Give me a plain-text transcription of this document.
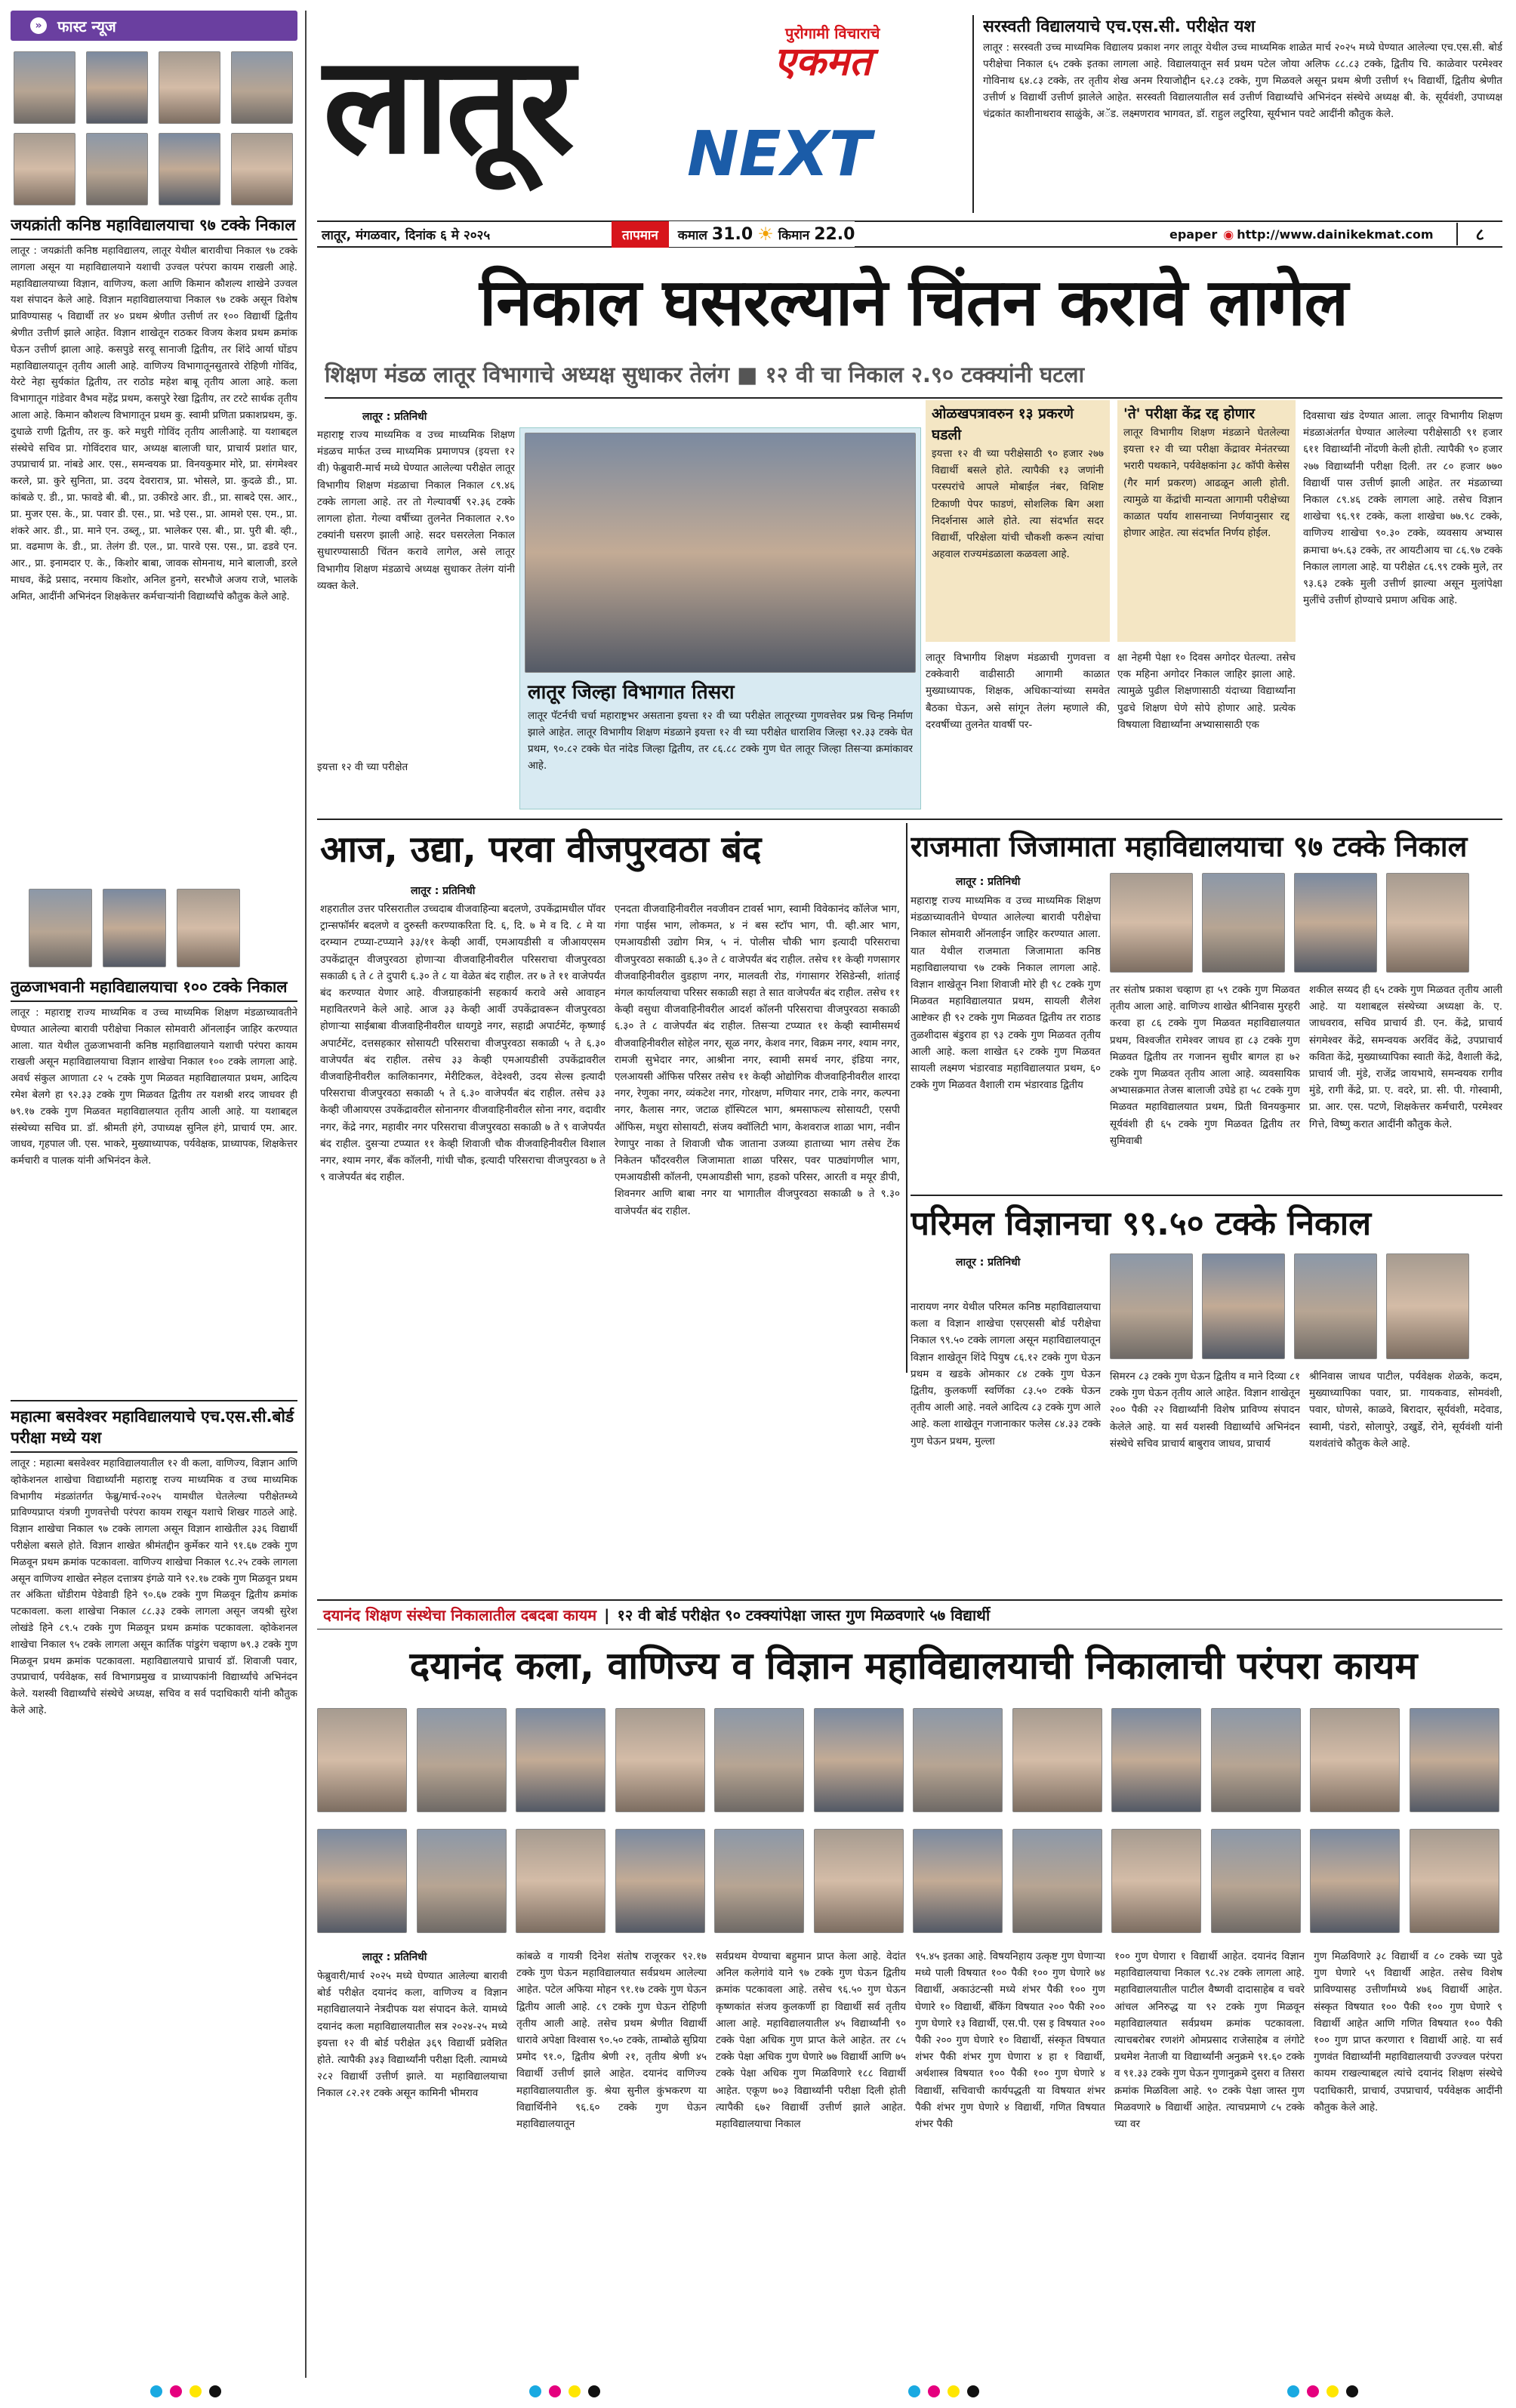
»	फास्ट न्यूज
जयक्रांती कनिष्ठ महाविद्यालयाचा ९७ टक्के निकाल
लातूर : जयक्रांती कनिष्ठ महाविद्यालय, लातूर येथील बारावीचा निकाल ९७ टक्के लागला असून या महाविद्यालयाने यशाची उज्वल परंपरा कायम राखली आहे. महाविद्यालयाच्या विज्ञान, वाणिज्य, कला आणि किमान कौशल्य शाखेने उज्वल यश संपादन केले आहे. विज्ञान महाविद्यालयाचा निकाल ९७ टक्के असून विशेष प्राविण्यासह ५ विद्यार्थी तर ४० प्रथम श्रेणीत उत्तीर्ण तर १०० विद्यार्थी द्वितीय श्रेणीत उत्तीर्ण झाले आहेत. विज्ञान शाखेतून राठकर विजय केशव प्रथम क्रमांक घेऊन उत्तीर्ण झाला आहे. कसपुडे सरवू सानाजी द्वितीय, तर शिंदे आर्या घोंडप महाविद्यालयातून तृतीय आली आहे. वाणिज्य विभागातूनसुतारवे रोहिणी गोविंद, येरटे नेहा सुर्यकांत द्वितीय, तर राठोड महेश बाबू तृतीय आला आहे. कला विभागातून गांडेवार वैभव महेंद्र प्रथम, कसपुरे रेखा द्वितीय, तर टरटे सार्थक तृतीय आला आहे. किमान कौशल्य विभागातून प्रथम कु. स्वामी प्रणिता प्रकाशप्रथम, कु. दुधाळे राणी द्वितीय, तर कु. करे मधुरी गोविंद तृतीय आलीआहे. या यशाबद्दल संस्थेचे सचिव प्रा. गोविंदराव घार, अध्यक्ष बालाजी घार, प्राचार्य प्रशांत घार, उपप्राचार्य प्रा. नांबडे आर. एस., समन्वयक प्रा. विनयकुमार मोरे, प्रा. संगमेश्वर करले, प्रा. कुरे सुनिता, प्रा. उदय देवरारात्र, प्रा. भोसले, प्रा. कुदळे डी., प्रा. कांबळे ए. डी., प्रा. फावडे बी. बी., प्रा. उकीरडे आर. डी., प्रा. साबदे एस. आर., प्रा. मुजर एस. के., प्रा. पवार डी. एस., प्रा. भडे एस., प्रा. आमशे एस. एम., प्रा. शंकरे आर. डी., प्रा. माने एन. उब्लू., प्रा. भालेकर एस. बी., प्रा. पुरी बी. व्ही., प्रा. वढमाण के. डी., प्रा. तेलंग डी. एल., प्रा. पारवे एस. एस., प्रा. ढडवे एन. आर., प्रा. इनामदार ए. के., किशोर बाबा, जावक सोमनाथ, माने बालाजी, डरले माधव, केंद्रे प्रसाद, नरमाय किशोर, अनिल हुनगे, सरभौजे अजय राजे, भालके अमित, आदींनी अभिनंदन शिक्षकेत्तर कर्मचाऱ्यांनी विद्यार्थ्यांचे कौतुक केले आहे.
तुळजाभवानी महाविद्यालयाचा १०० टक्के निकाल
लातूर : महाराष्ट्र राज्य माध्यमिक व उच्च माध्यमिक शिक्षण मंडळाच्यावतीने घेण्यात आलेल्या बारावी परीक्षेचा निकाल सोमवारी ऑनलाईन जाहिर करण्यात आला. यात येथील तुळजाभवानी कनिष्ठ महाविद्यालयाने यशाची परंपरा कायम राखली असून महाविद्यालयाचा विज्ञान शाखेचा निकाल १०० टक्के लागला आहे. अवर्ध संकुल आणाता ८२ ५ टक्के गुण मिळवत महाविद्यालयात प्रथम, आदित्य रमेश बेलगे हा ९२.३३ टक्के गुण मिळवत द्वितीय तर यशश्री शरद जाधवर ही ७९.१७ टक्के गुण मिळवत महाविद्यालयात तृतीय आली आहे. या यशाबद्दल संस्थेच्या सचिव प्रा. डॉ. श्रीमती हंगे, उपाध्यक्ष सुनिल हंगे, प्राचार्य एम. आर. जाधव, गृहपाल जी. एस. भाकरे, मुख्याध्यापक, पर्यवेक्षक, प्राध्यापक, शिक्षकेत्तर कर्मचारी व पालक यांनी अभिनंदन केले.
महात्मा बसवेश्वर महाविद्यालयाचे एच.एस.सी.बोर्ड परीक्षा मध्ये यश
लातूर : महात्मा बसवेश्वर महाविद्यालयातील १२ वी कला, वाणिज्य, विज्ञान आणि व्होकेशनल शाखेचा विद्यार्थ्यांनी महाराष्ट्र राज्य माध्यमिक व उच्च माध्यमिक विभागीय मंडळांतर्गत फेब्रु/मार्च-२०२५ यामधील घेतलेल्या परीक्षेतम्ध्ये प्राविण्यप्राप्त यंत्रणी गुणवत्तेची परंपरा कायम राखून यशाचे शिखर गाठले आहे. विज्ञान शाखेचा निकाल ९७ टक्के लागला असून विज्ञान शाखेतील ३३६ विद्यार्थी परीक्षेला बसले होते. विज्ञान शाखेत श्रीमंतद्दीन कुर्मेकर याने ९१.६७ टक्के गुण मिळवून प्रथम क्रमांक पटकावला. वाणिज्य शाखेचा निकाल ९८.२५ टक्के लागला असून वाणिज्य शाखेत स्नेहल दत्तात्रय इंगळे याने ९२.१७ टक्के गुण मिळवून प्रथम तर अंकिता धोंडीराम पेडेवाडी हिने ९०.६७ टक्के गुण मिळवून द्वितीय क्रमांक पटकावला. कला शाखेचा निकाल ८८.३३ टक्के लागला असून जयश्री सुरेश लोखंडे हिने ८९.५ टक्के गुण मिळवून प्रथम क्रमांक पटकावला. व्होकेशनल शाखेचा निकाल ९५ टक्के लागला असून कार्तिक पांडुरंग चव्हाण ७९.३ टक्के गुण मिळवून प्रथम क्रमांक पटकावला. महाविद्यालयाचे प्राचार्य डॉ. शिवाजी पवार, उपप्राचार्य, पर्यवेक्षक, सर्व विभागप्रमुख व प्राध्यापकांनी विद्यार्थ्यांचे अभिनंदन केले. यशस्वी विद्यार्थ्यांचे संस्थेचे अध्यक्ष, सचिव व सर्व पदाधिकारी यांनी कौतुक केले आहे.
लातूर NEXT
पुरोगामी विचाराचे
एकमत
लातूर, मंगळवार, दिनांक ६ मे २०२५	तापमान	कमाल 31.0 ☀ किमान 22.0	epaper ◉ http://www.dainikekmat.com	८
सरस्वती विद्यालयाचे एच.एस.सी. परीक्षेत यश
लातूर : सरस्वती उच्च माध्यमिक विद्यालय प्रकाश नगर लातूर येथील उच्च माध्यमिक शाळेत मार्च २०२५ मध्ये घेण्यात आलेल्या एच.एस.सी. बोर्ड परीक्षेचा निकाल ६५ टक्के इतका लागला आहे. विद्यालयातून सर्व प्रथम पटेल जोया अलिफ ८८.८३ टक्के, द्वितीय चि. काळेवार परमेश्वर गोविनाथ ६४.८३ टक्के, तर तृतीय शेख अनम रियाजोद्दीन ६२.८३ टक्के, गुण मिळवले असून प्रथम श्रेणी उत्तीर्ण १५ विद्यार्थी, द्वितीय श्रेणीत उत्तीर्ण ४ विद्यार्थी उत्तीर्ण झालेले आहेत. सरस्वती विद्यालयातील सर्व उत्तीर्ण विद्यार्थ्यांचे अभिनंदन संस्थेचे अध्यक्ष बी. के. सूर्यवंशी, उपाध्यक्ष चंद्रकांत काशीनाथराव साळुंके, अॅड. लक्ष्मणराव भागवत, डॉ. राहुल लटुरिया, सूर्यभान पवटे आदींनी कौतुक केले.
निकाल घसरल्याने चिंतन करावे लागेल
शिक्षण मंडळ लातूर विभागाचे अध्यक्ष सुधाकर तेलंग ■ १२ वी चा निकाल २.९० टक्क्यांनी घटला
लातूर : प्रतिनिधी
महाराष्ट्र राज्य माध्यमिक व उच्च माध्यमिक शिक्षण मंडळच मार्फत उच्च माध्यमिक प्रमाणपत्र (इयत्ता १२ वी) फेब्रुवारी-मार्च मध्ये घेण्यात आलेल्या परीक्षेत लातूर विभागीय शिक्षण मंडळाचा निकाल निकाल ८९.४६ टक्के लागला आहे. तर तो गेल्यावर्षी ९२.३६ टक्के लागला होता. गेल्या वर्षीच्या तुलनेत निकालात २.९० टक्यांनी घसरण झाली आहे. सदर घसरलेला निकाल सुधारण्यासाठी चिंतन करावे लागेल, असे लातूर विभागीय शिक्षण मंडळाचे अध्यक्ष सुधाकर तेलंग यांनी व्यक्त केले.
इयत्ता १२ वी च्या परीक्षेत
लातूर जिल्हा विभागात तिसरा
लातूर पॅटर्नची चर्चा महाराष्ट्रभर असताना इयत्ता १२ वी च्या परीक्षेत लातूरच्या गुणवत्तेवर प्रश्न चिन्ह निर्माण झाले आहेत. लातूर विभागीय शिक्षण मंडळाने इयत्ता १२ वी च्या परीक्षेत धाराशिव जिल्हा ९२.३३ टक्के घेत प्रथम, ९०.८२ टक्के घेत नांदेड जिल्हा द्वितीय, तर ८६.८८ टक्के गुण घेत लातूर जिल्हा तिसऱ्या क्रमांकावर आहे.
ओळखपत्रावरुन १३ प्रकरणे घडली
इयत्ता १२ वी च्या परीक्षेसाठी ९० हजार २७७ विद्यार्थी बसले होते. त्यापैकी १३ जणांनी परस्परांचे आपले मोबाईल नंबर, विशिष्ट टिकाणी पेपर फाडणं, सोशलिक बिग अशा निदर्शनास आले होते. त्या संदर्भात सदर विद्यार्थी, परिक्षेला यांची चौकशी करून त्यांचा अहवाल राज्यमंडळाला कळवला आहे.
लातूर विभागीय शिक्षण मंडळाची गुणवत्ता व टक्केवारी वाढीसाठी आगामी काळात मुख्याध्यापक, शिक्षक, अधिकाऱ्यांच्या समवेत बैठका घेऊन, असे सांगून तेलंग म्हणाले की, दरवर्षीच्या तुलनेत यावर्षी पर-
'ते' परीक्षा केंद्र रद्द होणार
लातूर विभागीय शिक्षण मंडळाने घेतलेल्या इयत्ता १२ वी च्या परीक्षा केंद्रावर मेनंतरच्या भरारी पथकाने, पर्यवेक्षकांना ३८ कॉपी केसेस (गैर मार्ग प्रकरण) आढळून आली होती. त्यामुळे या केंद्रांची मान्यता आगामी परीक्षेच्या काळात पर्याय शासनाच्या निर्णयानुसार रद्द होणार आहेत. त्या संदर्भात निर्णय होईल.
क्षा नेहमी पेक्षा १० दिवस अगोदर घेतल्या. तसेच एक महिना अगोदर निकाल जाहिर झाला आहे. त्यामुळे पुढील शिक्षणासाठी यंदाच्या विद्यार्थ्यांना पुढचे शिक्षण घेणे सोपे होणार आहे. प्रत्येक विषयाला विद्यार्थ्यांना अभ्यासासाठी एक
दिवसाचा खंड देण्यात आला. लातूर विभागीय शिक्षण मंडळाअंतर्गत घेण्यात आलेल्या परीक्षेसाठी ९१ हजार ६११ विद्यार्थ्यांनी नोंदणी केली होती. त्यापैकी ९० हजार २७७ विद्यार्थ्यांनी परीक्षा दिली. तर ८० हजार ७७० विद्यार्थी पास उत्तीर्ण झाली आहेत. तर मंडळाच्या निकाल ८९.४६ टक्के लागला आहे. तसेच विज्ञान शाखेचा ९६.९१ टक्के, कला शाखेचा ७७.९८ टक्के, वाणिज्य शाखेचा ९०.३० टक्के, व्यवसाय अभ्यास क्रमाचा ७५.६३ टक्के, तर आयटीआय चा ८६.९७ टक्के निकाल लागला आहे. या परीक्षेत ८६.९९ टक्के मुले, तर ९३.६३ टक्के मुली उत्तीर्ण झाल्या असून मुलांपेक्षा मुलींचे उत्तीर्ण होण्याचे प्रमाण अधिक आहे.
आज, उद्या, परवा वीजपुरवठा बंद
लातूर : प्रतिनिधी
शहरातील उत्तर परिसरातील उच्चदाब वीजवाहिन्या बदलणे, उपकेंद्रामधील पॉवर ट्रान्सफॉर्मर बदलणे व दुरुस्ती करण्याकरिता दि. ६, दि. ७ मे व दि. ८ मे या दरम्यान टप्प्या-टप्प्याने ३३/११ केव्ही आर्वी, एमआयडीसी व जीआयएसम उपकेंद्रातून वीजपुरवठा होणाऱ्या वीजवाहिनीवरील परिसराचा वीजपुरवठा सकाळी ६ ते ८ ते दुपारी ६.३० ते ८ या वेळेत बंद राहील. तर ७ ते ११ वाजेपर्यंत बंद करण्यात येणार आहे. वीजग्राहकांनी सहकार्य करावे असे आवाहन महावितरणने केले आहे. आज ३३ केव्ही आर्वी उपकेंद्रावरून वीजपुरवठा होणाऱ्या साईबाबा वीजवाहिनीवरील धायगुडे नगर, सहाद्री अपार्टमेंट, कृष्णाई अपार्टमेंट, दत्तसहकार सोसायटी परिसराचा वीजपुरवठा सकाळी ५ ते ६.३० वाजेपर्यंत बंद राहील. तसेच ३३ केव्ही एमआयडीसी उपकेंद्रावरील वीजवाहिनीवरील कालिकानगर, मेरीटिकल, वेदेश्वरी, उदय सेल्स इत्यादी परिसराचा वीजपुरवठा सकाळी ५ ते ६.३० वाजेपर्यंत बंद राहील. तसेच ३३ केव्ही जीआयएस उपकेंद्रावरील सोनानगर वीजवाहिनीवरील सोना नगर, वदावीर नगर, केंद्रे नगर, महावीर नगर परिसराचा वीजपुरवठा सकाळी ७ ते ९ वाजेपर्यंत बंद राहील. दुसऱ्या टप्प्यात ११ केव्ही शिवाजी चौक वीजवाहिनीवरील विशाल नगर, श्याम नगर, बँक कॉलनी, गांधी चौक, इत्यादी परिसराचा वीजपुरवठा ७ ते ९ वाजेपर्यंत बंद राहील.
एनदता वीजवाहिनीवरील नवजीवन टावर्स भाग, स्वामी विवेकानंद कॉलेज भाग, गंगा पाईस भाग, लोकमत, ४ नं बस स्टॉप भाग, पी. व्ही.आर भाग, एमआयडीसी उद्योग मित्र, ५ नं. पोलीस चौकी भाग इत्यादी परिसराचा वीजपुरवठा सकाळी ६.३० ते ८ वाजेपर्यंत बंद राहील. तसेच ११ केव्ही गणसागर वीजवाहिनीवरील वुडहाण नगर, मालवती रोड, गंगासागर रेसिडेन्सी, शांताई मंगल कार्यालयाचा परिसर सकाळी सहा ते सात वाजेपर्यंत बंद राहील. तसेच ११ केव्ही वसुधा वीजवाहिनीवरील आदर्श कॉलनी परिसराचा वीजपुरवठा सकाळी ६.३० ते ८ वाजेपर्यंत बंद राहील. तिसऱ्या टप्प्यात ११ केव्ही स्वामीसमर्थ वीजवाहिनीवरील सोहेल नगर, सूळ नगर, केशव नगर, विक्रम नगर, श्याम नगर, रामजी सुभेदार नगर, आश्रीना नगर, स्वामी समर्थ नगर, इंडिया नगर, एलआयसी ऑफिस परिसर तसेच ११ केव्ही ओद्योगिक वीजवाहिनीवरील शारदा नगर, रेणुका नगर, व्यंकटेश नगर, गोरक्षण, मणियार नगर, टाके नगर, कल्पना नगर, कैलास नगर, जटाळ हॉस्पिटल भाग, श्रमसाफल्य सोसायटी, एसपी ऑफिस, मधुरा सोसायटी, संजय क्वॉलिटी भाग, केशवराज शाळा भाग, नवीन रेणापुर नाका ते शिवाजी चौक जाताना उजव्या हाताच्या भाग तसेच टेंक निकेतन फौंदरवरील जिजामाता शाळा परिसर, पवर पाठ्यांगणील भाग, एमआयडीसी कॉलनी, एमआयडीसी भाग, हडको परिसर, आरती व मयूर डीपी, शिवनगर आणि बाबा नगर या भागातील वीजपुरवठा सकाळी ७ ते ९.३० वाजेपर्यंत बंद राहील.
राजमाता जिजामाता महाविद्यालयाचा ९७ टक्के निकाल
लातूर : प्रतिनिधी
महाराष्ट्र राज्य माध्यमिक व उच्च माध्यमिक शिक्षण मंडळाच्यावतीने घेण्यात आलेल्या बारावी परीक्षेचा निकाल सोमवारी ऑनलाईन जाहिर करण्यात आला. यात येथील राजमाता जिजामाता कनिष्ठ महाविद्यालयाचा ९७ टक्के निकाल लागला आहे. विज्ञान शाखेतून निशा शिवाजी मोरे ही ९८ टक्के गुण मिळवत महाविद्यालयात प्रथम, सायली शैलेश आष्टेकर ही ९२ टक्के गुण मिळवत द्वितीय तर राठाड तुळशीदास बंडुराव हा ९३ टक्के गुण मिळवत तृतीय आली आहे. कला शाखेत ६२ टक्के गुण मिळवत सायली लक्ष्मण भंडारवाड महाविद्यालयात प्रथम, ६० टक्के गुण मिळवत वैशाली राम भंडारवाड द्वितीय
तर संतोष प्रकाश चव्हाण हा ५९ टक्के गुण मिळवत तृतीय आला आहे. वाणिज्य शाखेत श्रीनिवास मुरहरी करवा हा ८६ टक्के गुण मिळवत महाविद्यालयात प्रथम, विश्वजीत रामेश्वर जाधव हा ८३ टक्के गुण मिळवत द्वितीय तर गजानन सुधीर बागल हा ७२ टक्के गुण मिळवत तृतीय आला आहे. व्यवसायिक अभ्यासक्रमात तेजस बालाजी उघेडे हा ५८ टक्के गुण मिळवत महाविद्यालयात प्रथम, प्रिती विनयकुमार सूर्यवंशी ही ६५ टक्के गुण मिळवत द्वितीय तर सुमिवाबी
शकील सय्यद ही ६५ टक्के गुण मिळवत तृतीय आली आहे. या यशाबद्दल संस्थेच्या अध्यक्षा के. ए. जाधवराव, सचिव प्राचार्य डी. एन. केंद्रे, प्राचार्य संगमेश्वर केंद्रे, समन्वयक अरविंद केंद्रे, उपप्राचार्य कविता केंद्रे, मुख्याध्यापिका स्वाती केंद्रे, वैशाली केंद्रे, प्राचार्य जी. मुंडे, राजेंद्र जायभाये, समन्वयक रागीव मुंडे, रागी केंद्रे, प्रा. ए. वदरे, प्रा. सी. पी. गोस्वामी, प्रा. आर. एस. पटणे, शिक्षकेत्तर कर्मचारी, परमेश्वर गित्ते, विष्णु करात आदींनी कौतुक केले.
परिमल विज्ञानचा ९९.५० टक्के निकाल
लातूर : प्रतिनिधी
नारायण नगर येथील परिमल कनिष्ठ महाविद्यालयाचा कला व विज्ञान शाखेचा एसएससी बोर्ड परीक्षेचा निकाल ९९.५० टक्के लागला असून महाविद्यालयातून विज्ञान शाखेतून शिंदे पियुष ८६.१२ टक्के गुण घेऊन प्रथम व खडके ओमकार ८४ टक्के गुण घेऊन द्वितीय, कुलकर्णी स्वर्णिका ८३.५० टक्के घेऊन तृतीय आली आहे. नवले आदित्य ८३ टक्के गुण आले आहे. कला शाखेतून गजानाकार फलेस ८४.३३ टक्के गुण घेऊन प्रथम, मुल्ला
सिमरन ८३ टक्के गुण घेऊन द्वितीय व माने दिव्या ८१ टक्के गुण घेऊन तृतीय आले आहेत. विज्ञान शाखेतून २०० पैकी २२ विद्यार्थ्यांनी विशेष प्राविण्य संपादन केलेले आहे. या सर्व यशस्वी विद्यार्थ्यांचे अभिनंदन संस्थेचे सचिव प्राचार्य बाबुराव जाधव, प्राचार्य
श्रीनिवास जाधव पाटील, पर्यवेक्षक शेळके, कदम, मुख्याध्यापिका पवार, प्रा. गायकवाड, सोमवंशी, पवार, घोणसे, काळवे, बिरादार, सूर्यवंशी, मदेवाड, स्वामी, पंडरो, सोलापुरे, उखुर्डे, रोने, सूर्यवंशी यांनी यशवंतांचे कौतुक केले आहे.
दयानंद शिक्षण संस्थेचा निकालातील दबदबा कायम | १२ वी बोर्ड परीक्षेत ९० टक्क्यांपेक्षा जास्त गुण मिळवणारे ५७ विद्यार्थी
दयानंद कला, वाणिज्य व विज्ञान महाविद्यालयाची निकालाची परंपरा कायम
लातूर : प्रतिनिधी
फेब्रुवारी/मार्च २०२५ मध्ये घेण्यात आलेल्या बारावी बोर्ड परीक्षेत दयानंद कला, वाणिज्य व विज्ञान महाविद्यालयाने नेत्रदीपक यश संपादन केले. यामध्ये दयानंद कला महाविद्यालयातील सत्र २०२४-२५ मध्ये इयत्ता १२ वी बोर्ड परीक्षेत ३६९ विद्यार्थी प्रवेशित होते. त्यापैकी ३४३ विद्यार्थ्यांनी परीक्षा दिली. त्यामध्ये २८२ विद्यार्थी उत्तीर्ण झाले. या महाविद्यालयाचा निकाल ८२.२१ टक्के असून कामिनी भीमराव
कांबळे व गायत्री दिनेश संतोष राजूरकर ९२.१७ टक्के गुण घेऊन महाविद्यालयात सर्वप्रथम आलेल्या आहेत. पटेल अफिया मोहन ९१.१७ टक्के गुण घेऊन द्वितीय आली आहे. ८९ टक्के गुण घेऊन रोहिणी तृतीय आली आहे. तसेच प्रथम श्रेणीत विद्यार्थी धारावे अपेक्षा विश्वास ९०.५० टक्के, ताम्बोळे सुप्रिया प्रमोद ९१.०, द्वितीय श्रेणी २१, तृतीय श्रेणी ४५ विद्यार्थी उत्तीर्ण झाले आहेत. दयानंद वाणिज्य महाविद्यालयातील कु. श्रेया सुनील कुंभकरण या विद्यार्थिनीने ९६.६० टक्के गुण घेऊन महाविद्यालयातून
सर्वप्रथम येण्याचा बहुमान प्राप्त केला आहे. वेदांत अनिल कलेगांवे याने ९७ टक्के गुण घेऊन द्वितीय क्रमांक पटकावला आहे. तसेच ९६.५० गुण घेऊन कृष्णकांत संजय कुलकर्णी हा विद्यार्थी सर्व तृतीय आला आहे. महाविद्यालयातील ४५ विद्यार्थ्यांनी ९० टक्के पेक्षा अधिक गुण प्राप्त केले आहेत. तर ८५ टक्के पेक्षा अधिक गुण घेणारे ७७ विद्यार्थी आणि ७५ टक्के पेक्षा अधिक गुण मिळविणारे १८८ विद्यार्थी आहेत. एकूण ७०३ विद्यार्थ्यांनी परीक्षा दिली होती त्यापैकी ६७२ विद्यार्थी उत्तीर्ण झाले आहेत. महाविद्यालयाचा निकाल
९५.४५ इतका आहे. विषयनिहाय उत्कृष्ट गुण घेणाऱ्या मध्ये पाली विषयात १०० पैकी १०० गुण घेणारे ७४ विद्यार्थी, अकाउंटन्सी मध्ये शंभर पैकी १०० गुण घेणारे १० विद्यार्थी, बँकिंग विषयात २०० पैकी २०० गुण घेणारे १३ विद्यार्थी, एस.पी. एस इ विषयात २०० पैकी २०० गुण घेणारे १० विद्यार्थी, संस्कृत विषयात शंभर पैकी शंभर गुण घेणारा ४ हा १ विद्यार्थी, अर्थशास्त्र विषयात १०० पैकी १०० गुण घेणारे ४ विद्यार्थी, सचिवाची कार्यपद्धती या विषयात शंभर पैकी शंभर गुण घेणारे ४ विद्यार्थी, गणित विषयात शंभर पैकी
१०० गुण घेणारा १ विद्यार्थी आहेत. दयानंद विज्ञान महाविद्यालयाचा निकाल ९८.२४ टक्के लागला आहे. महाविद्यालयातील पाटील वैष्णवी दादासाहेब व चवरे आंचल अनिरुद्ध या ९२ टक्के गुण मिळवून महाविद्यालयात सर्वप्रथम क्रमांक पटकावला. त्याचबरोबर रणशंगे ओमप्रसाद राजेसाहेब व लंगोटे प्रथमेश नेताजी या विद्यार्थ्यांनी अनुक्रमे ९१.६० टक्के व ९१.३३ टक्के गुण घेऊन गुणानुक्रमे दुसरा व तिसरा क्रमांक मिळविला आहे. ९० टक्के पेक्षा जास्त गुण मिळवणारे ७ विद्यार्थी आहेत. त्याचप्रमाणे ८५ टक्के च्या वर
गुण मिळविणारे ३८ विद्यार्थी व ८० टक्के च्या पुढे गुण घेणारे ५९ विद्यार्थी आहेत. तसेच विशेष प्राविण्यासह उत्तीर्णांमध्ये ४७६ विद्यार्थी आहेत. संस्कृत विषयात १०० पैकी १०० गुण घेणारे ९ विद्यार्थी आहेत आणि गणित विषयात १०० पैकी १०० गुण प्राप्त करणारा १ विद्यार्थी आहे. या सर्व गुणवंत विद्यार्थ्यांनी महाविद्यालयाची उज्ज्वल परंपरा कायम राखल्याबद्दल त्यांचे दयानंद शिक्षण संस्थेचे पदाधिकारी, प्राचार्य, उपप्राचार्य, पर्यवेक्षक आदींनी कौतुक केले आहे.
